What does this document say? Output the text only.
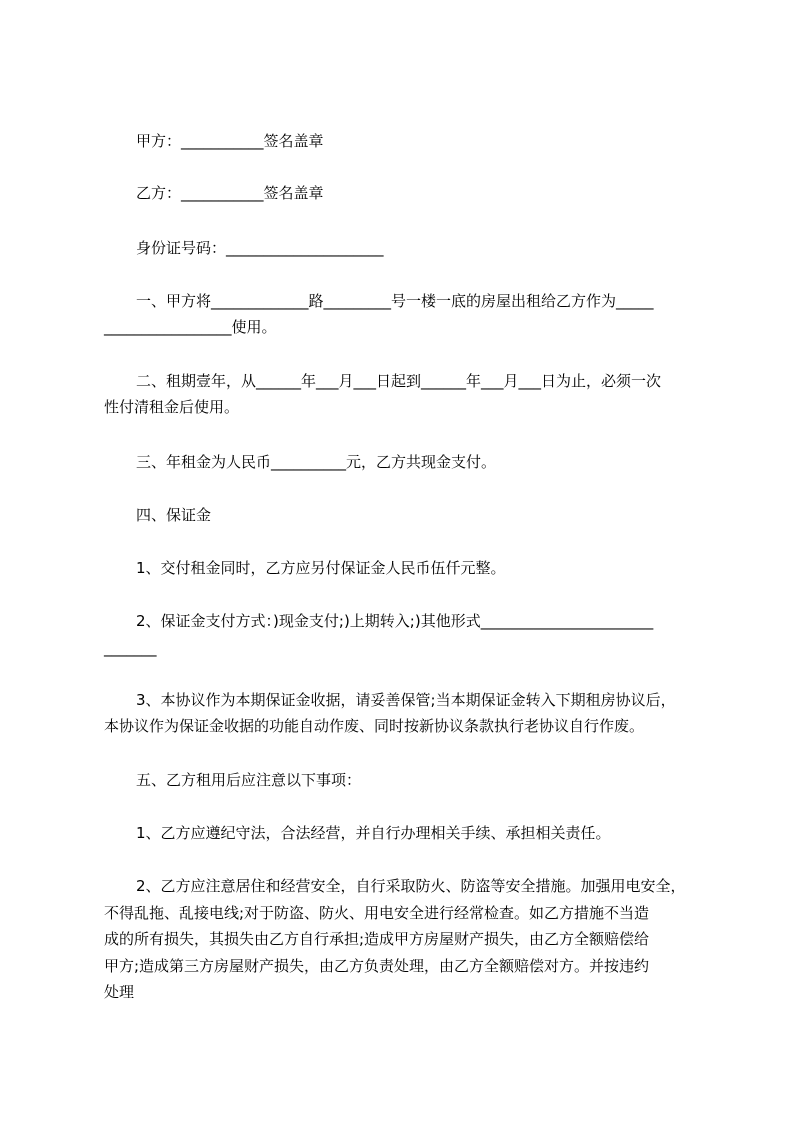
甲方：___________签名盖章
乙方：___________签名盖章
身份证号码：_____________________
一、甲方将_____________路_________号一楼一底的房屋出租给乙方作为_____
_________________使用。
二、租期壹年，从______年___月___日起到______年___月___日为止，必须一次
性付清租金后使用。
三、年租金为人民币__________元，乙方共现金支付。
四、保证金
1、交付租金同时，乙方应另付保证金人民币伍仟元整。
2、保证金支付方式：)现金支付;)上期转入;)其他形式_______________________
_______
3、本协议作为本期保证金收据，请妥善保管;当本期保证金转入下期租房协议后，
本协议作为保证金收据的功能自动作废、同时按新协议条款执行老协议自行作废。
五、乙方租用后应注意以下事项：
1、乙方应遵纪守法，合法经营，并自行办理相关手续、承担相关责任。
2、乙方应注意居住和经营安全，自行采取防火、防盗等安全措施。加强用电安全，
不得乱拖、乱接电线;对于防盗、防火、用电安全进行经常检查。如乙方措施不当造
成的所有损失，其损失由乙方自行承担;造成甲方房屋财产损失，由乙方全额赔偿给
甲方;造成第三方房屋财产损失，由乙方负责处理，由乙方全额赔偿对方。并按违约
处理
